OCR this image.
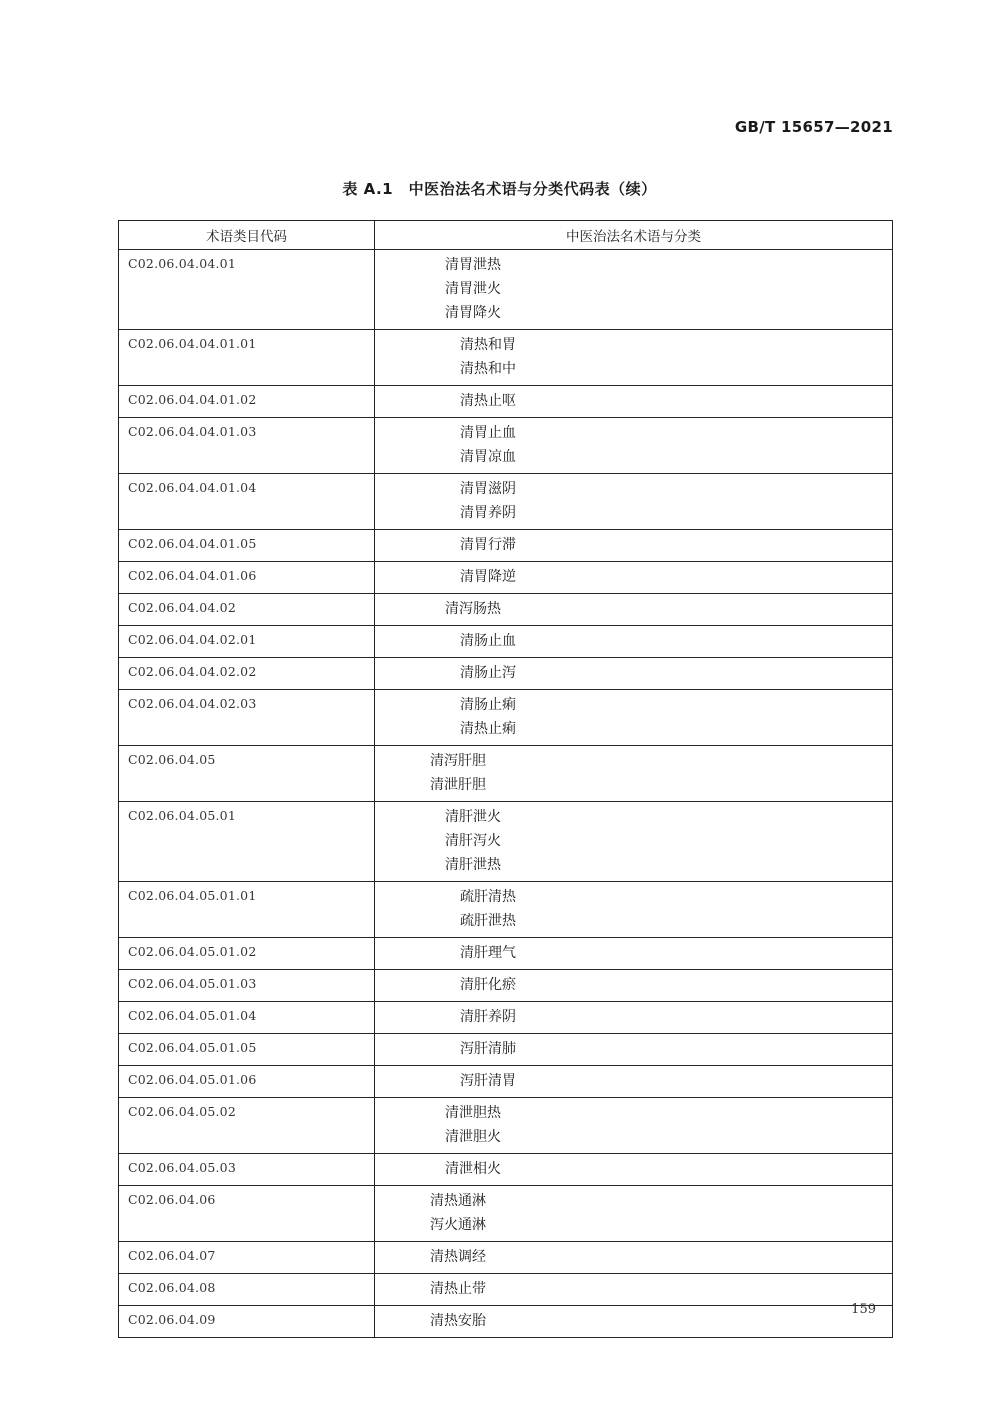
GB/T 15657—2021
表 A.1　中医治法名术语与分类代码表（续）
术语类目代码	中医治法名术语与分类
C02.06.04.04.01	清胃泄热
清胃泄火
清胃降火

C02.06.04.04.01.01	清热和胃
清热和中

C02.06.04.04.01.02	清热止呕

C02.06.04.04.01.03	清胃止血
清胃凉血

C02.06.04.04.01.04	清胃滋阴
清胃养阴

C02.06.04.04.01.05	清胃行滞

C02.06.04.04.01.06	清胃降逆

C02.06.04.04.02	清泻肠热

C02.06.04.04.02.01	清肠止血

C02.06.04.04.02.02	清肠止泻

C02.06.04.04.02.03	清肠止痢
清热止痢

C02.06.04.05	清泻肝胆
清泄肝胆

C02.06.04.05.01	清肝泄火
清肝泻火
清肝泄热

C02.06.04.05.01.01	疏肝清热
疏肝泄热

C02.06.04.05.01.02	清肝理气

C02.06.04.05.01.03	清肝化瘀

C02.06.04.05.01.04	清肝养阴

C02.06.04.05.01.05	泻肝清肺

C02.06.04.05.01.06	泻肝清胃

C02.06.04.05.02	清泄胆热
清泄胆火

C02.06.04.05.03	清泄相火

C02.06.04.06	清热通淋
泻火通淋

C02.06.04.07	清热调经

C02.06.04.08	清热止带

C02.06.04.09	清热安胎
159
